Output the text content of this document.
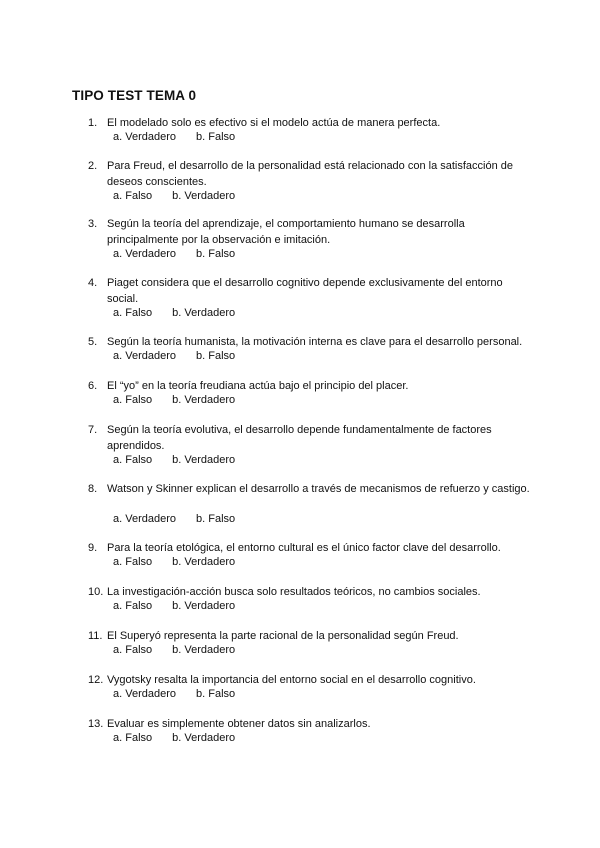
TIPO TEST TEMA 0
1. El modelado solo es efectivo si el modelo actúa de manera perfecta.
a. Verdadero b. Falso
2. Para Freud, el desarrollo de la personalidad está relacionado con la satisfacción de deseos conscientes.
a. Falso b. Verdadero
3. Según la teoría del aprendizaje, el comportamiento humano se desarrolla principalmente por la observación e imitación.
a. Verdadero b. Falso
4. Piaget considera que el desarrollo cognitivo depende exclusivamente del entorno social.
a. Falso b. Verdadero
5. Según la teoría humanista, la motivación interna es clave para el desarrollo personal.
a. Verdadero b. Falso
6. El “yo” en la teoría freudiana actúa bajo el principio del placer.
a. Falso b. Verdadero
7. Según la teoría evolutiva, el desarrollo depende fundamentalmente de factores aprendidos.
a. Falso b. Verdadero
8. Watson y Skinner explican el desarrollo a través de mecanismos de refuerzo y castigo.
a. Verdadero b. Falso
9. Para la teoría etológica, el entorno cultural es el único factor clave del desarrollo.
a. Falso b. Verdadero
10. La investigación-acción busca solo resultados teóricos, no cambios sociales.
a. Falso b. Verdadero
11. El Superyó representa la parte racional de la personalidad según Freud.
a. Falso b. Verdadero
12. Vygotsky resalta la importancia del entorno social en el desarrollo cognitivo.
a. Verdadero b. Falso
13. Evaluar es simplemente obtener datos sin analizarlos.
a. Falso b. Verdadero
